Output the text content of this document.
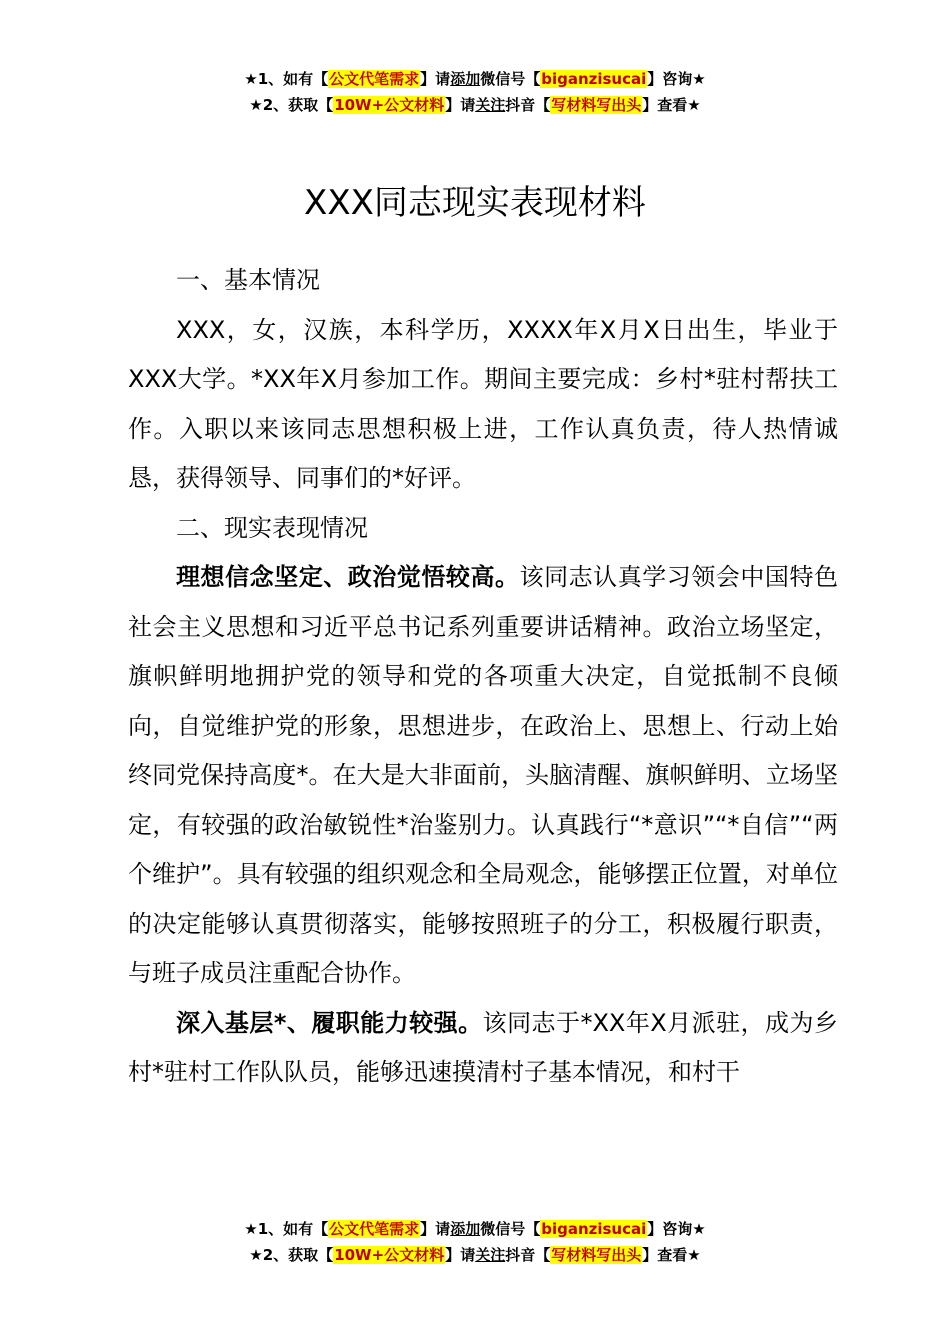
★1、如有【公文代笔需求】请添加微信号【biganzisucai】咨询★
★2、获取【10W+公文材料】请关注抖音【写材料写出头】查看★
XXX同志现实表现材料

一、基本情况

XXX，女，汉族，本科学历，XXXX年X月X日出生，毕业于XXX大学。*XX年X月参加工作。期间主要完成：乡村*驻村帮扶工作。入职以来该同志思想积极上进，工作认真负责，待人热情诚恳，获得领导、同事们的*好评。

二、现实表现情况

理想信念坚定、政治觉悟较高。该同志认真学习领会中国特色社会主义思想和习近平总书记系列重要讲话精神。政治立场坚定，旗帜鲜明地拥护党的领导和党的各项重大决定，自觉抵制不良倾向，自觉维护党的形象，思想进步，在政治上、思想上、行动上始终同党保持高度*。在大是大非面前，头脑清醒、旗帜鲜明、立场坚定，有较强的政治敏锐性*治鉴别力。认真践行“*意识”“*自信”“两个维护”。具有较强的组织观念和全局观念，能够摆正位置，对单位的决定能够认真贯彻落实，能够按照班子的分工，积极履行职责，与班子成员注重配合协作。

深入基层*、履职能力较强。该同志于*XX年X月派驻，成为乡村*驻村工作队队员，能够迅速摸清村子基本情况，和村干

★1、如有【公文代笔需求】请添加微信号【biganzisucai】咨询★
★2、获取【10W+公文材料】请关注抖音【写材料写出头】查看★
